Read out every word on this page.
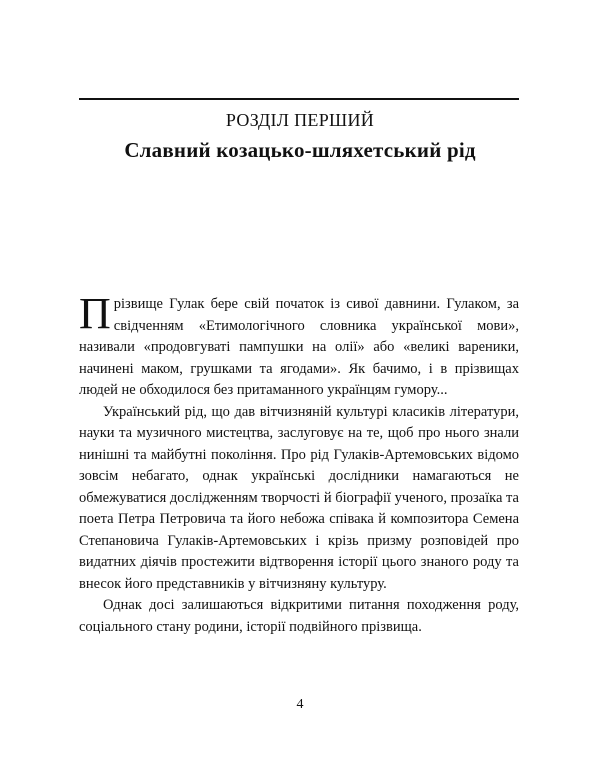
РОЗДІЛ ПЕРШИЙ
Славний козацько-шляхетський рід

Прізвище Гулак бере свій початок із сивої давнини. Гулаком, за свідченням «Етимологічного словника української мови», називали «продовгуваті пампушки на олії» або «великі вареники, начинені маком, грушками та ягодами». Як бачимо, і в прізвищах людей не обходилося без притаманного українцям гумору...

Український рід, що дав вітчизняній культурі класиків літератури, науки та музичного мистецтва, заслуговує на те, щоб про нього знали нинішні та майбутні покоління. Про рід Гулаків-Артемовських відомо зовсім небагато, однак українські дослідники намагаються не обмежуватися дослідженням творчості й біографії ученого, прозаїка та поета Петра Петровича та його небожа співака й композитора Семена Степановича Гулаків-Артемовських і крізь призму розповідей про видатних діячів простежити відтворення історії цього знаного роду та внесок його представників у вітчизняну культуру.

Однак досі залишаються відкритими питання походження роду, соціального стану родини, історії подвійного прізвища.

4
